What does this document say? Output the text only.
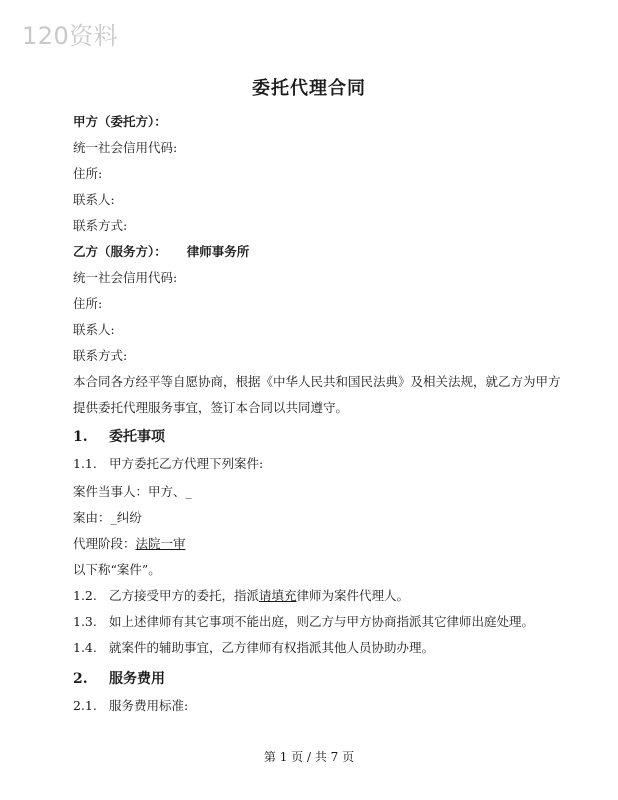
120资料
委托代理合同
甲方（委托方）：
统一社会信用代码:
住所:
联系人:
联系方式:
乙方（服务方）： 律师事务所
统一社会信用代码:
住所:
联系人:
联系方式:
本合同各方经平等自愿协商，根据《中华人民共和国民法典》及相关法规，就乙方为甲方
提供委托代理服务事宜，签订本合同以共同遵守。
1. 委托事项
1.1. 甲方委托乙方代理下列案件:
案件当事人：甲方、_
案由：_纠纷
代理阶段：法院一审
以下称“案件”。
1.2. 乙方接受甲方的委托，指派请填充律师为案件代理人。
1.3. 如上述律师有其它事项不能出庭，则乙方与甲方协商指派其它律师出庭处理。
1.4. 就案件的辅助事宜，乙方律师有权指派其他人员协助办理。
2. 服务费用
2.1. 服务费用标准:
第 1 页 / 共 7 页
